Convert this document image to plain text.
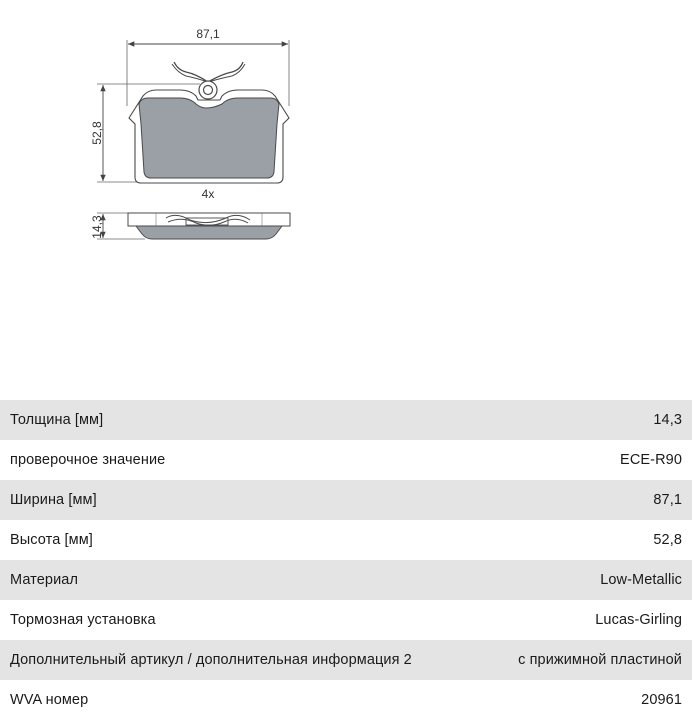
87,1
52,8
4x
14,3
Толщина [мм]	14,3
проверочное значение	ECE-R90
Ширина [мм]	87,1
Высота [мм]	52,8
Материал	Low-Metallic
Тормозная установка	Lucas-Girling
Дополнительный артикул / дополнительная информация 2	с прижимной пластиной
WVA номер	20961
